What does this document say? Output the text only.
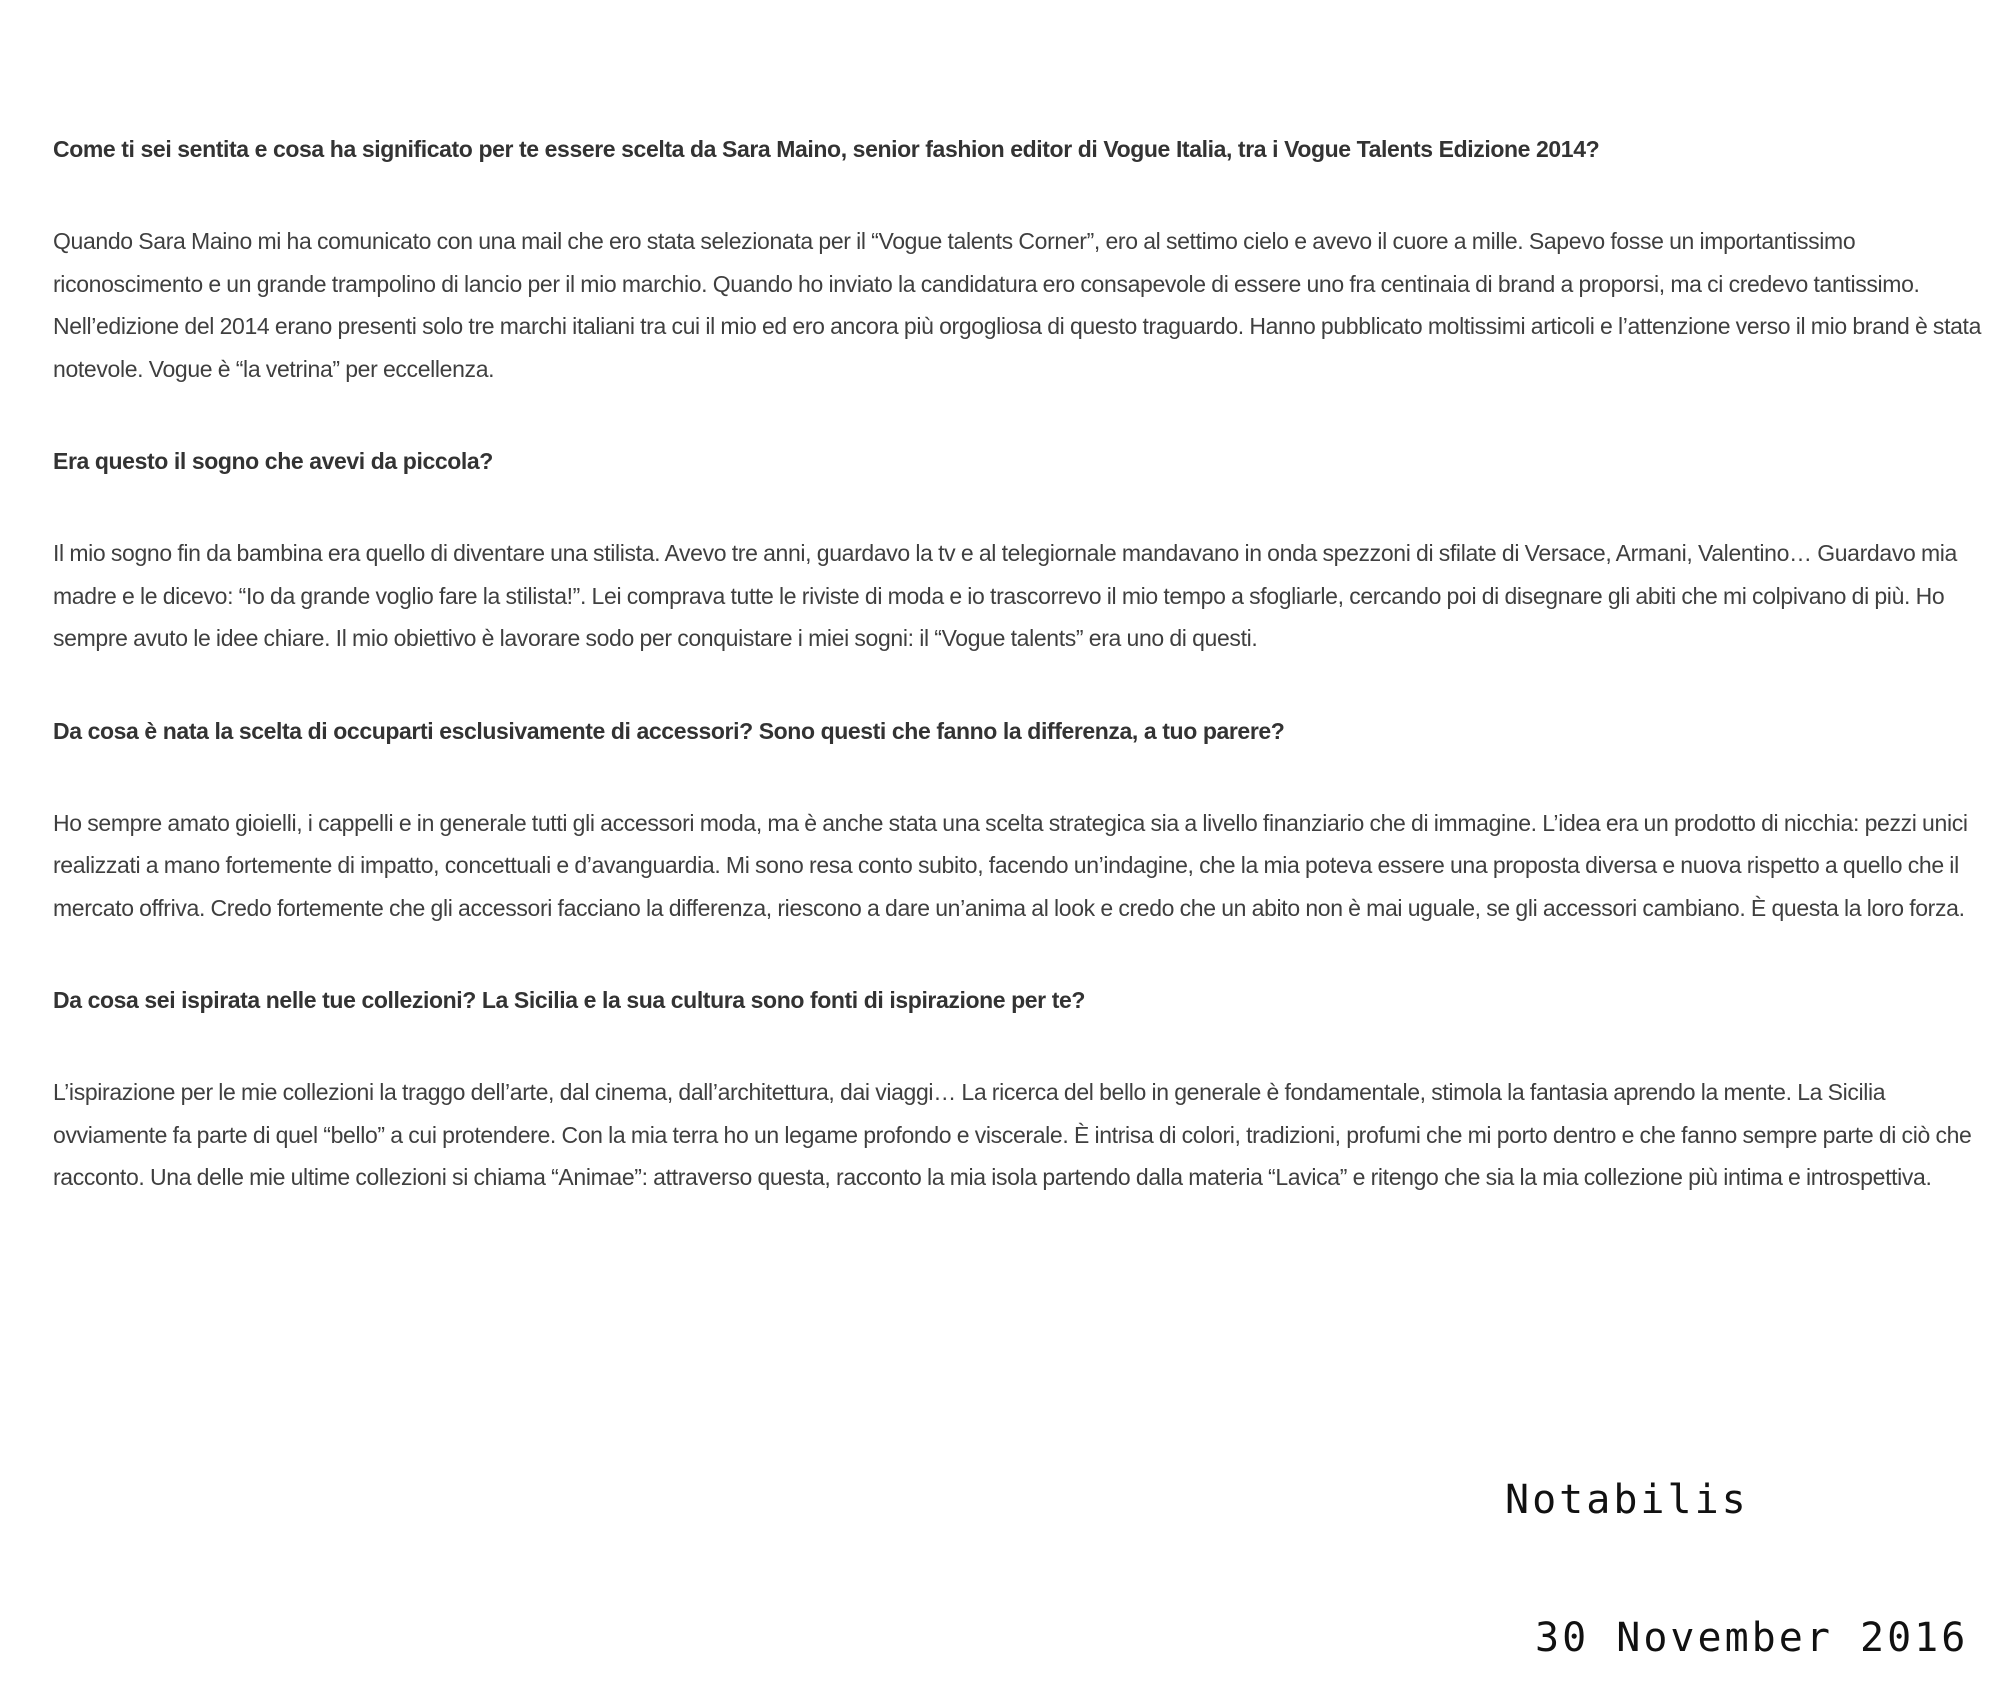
Come ti sei sentita e cosa ha significato per te essere scelta da Sara Maino, senior fashion editor di Vogue Italia, tra i Vogue Talents Edizione 2014?

Quando Sara Maino mi ha comunicato con una mail che ero stata selezionata per il “Vogue talents Corner”, ero al settimo cielo e avevo il cuore a mille. Sapevo fosse un importantissimo riconoscimento e un grande trampolino di lancio per il mio marchio. Quando ho inviato la candidatura ero consapevole di essere uno fra centinaia di brand a proporsi, ma ci credevo tantissimo. Nell’edizione del 2014 erano presenti solo tre marchi italiani tra cui il mio ed ero ancora più orgogliosa di questo traguardo. Hanno pubblicato moltissimi articoli e l’attenzione verso il mio brand è stata notevole. Vogue è “la vetrina” per eccellenza.

Era questo il sogno che avevi da piccola?

Il mio sogno fin da bambina era quello di diventare una stilista. Avevo tre anni, guardavo la tv e al telegiornale mandavano in onda spezzoni di sfilate di Versace, Armani, Valentino… Guardavo mia madre e le dicevo: “Io da grande voglio fare la stilista!”. Lei comprava tutte le riviste di moda e io trascorrevo il mio tempo a sfogliarle, cercando poi di disegnare gli abiti che mi colpivano di più. Ho sempre avuto le idee chiare. Il mio obiettivo è lavorare sodo per conquistare i miei sogni: il “Vogue talents” era uno di questi.

Da cosa è nata la scelta di occuparti esclusivamente di accessori? Sono questi che fanno la differenza, a tuo parere?

Ho sempre amato gioielli, i cappelli e in generale tutti gli accessori moda, ma è anche stata una scelta strategica sia a livello finanziario che di immagine. L’idea era un prodotto di nicchia: pezzi unici realizzati a mano fortemente di impatto, concettuali e d’avanguardia. Mi sono resa conto subito, facendo un’indagine, che la mia poteva essere una proposta diversa e nuova rispetto a quello che il mercato offriva. Credo fortemente che gli accessori facciano la differenza, riescono a dare un’anima al look e credo che un abito non è mai uguale, se gli accessori cambiano. È questa la loro forza.

Da cosa sei ispirata nelle tue collezioni? La Sicilia e la sua cultura sono fonti di ispirazione per te?

L’ispirazione per le mie collezioni la traggo dell’arte, dal cinema, dall’architettura, dai viaggi… La ricerca del bello in generale è fondamentale, stimola la fantasia aprendo la mente. La Sicilia ovviamente fa parte di quel “bello” a cui protendere. Con la mia terra ho un legame profondo e viscerale. È intrisa di colori, tradizioni, profumi che mi porto dentro e che fanno sempre parte di ciò che racconto. Una delle mie ultime collezioni si chiama “Animae”: attraverso questa, racconto la mia isola partendo dalla materia “Lavica” e ritengo che sia la mia collezione più intima e introspettiva.

Notabilis

30 November 2016
